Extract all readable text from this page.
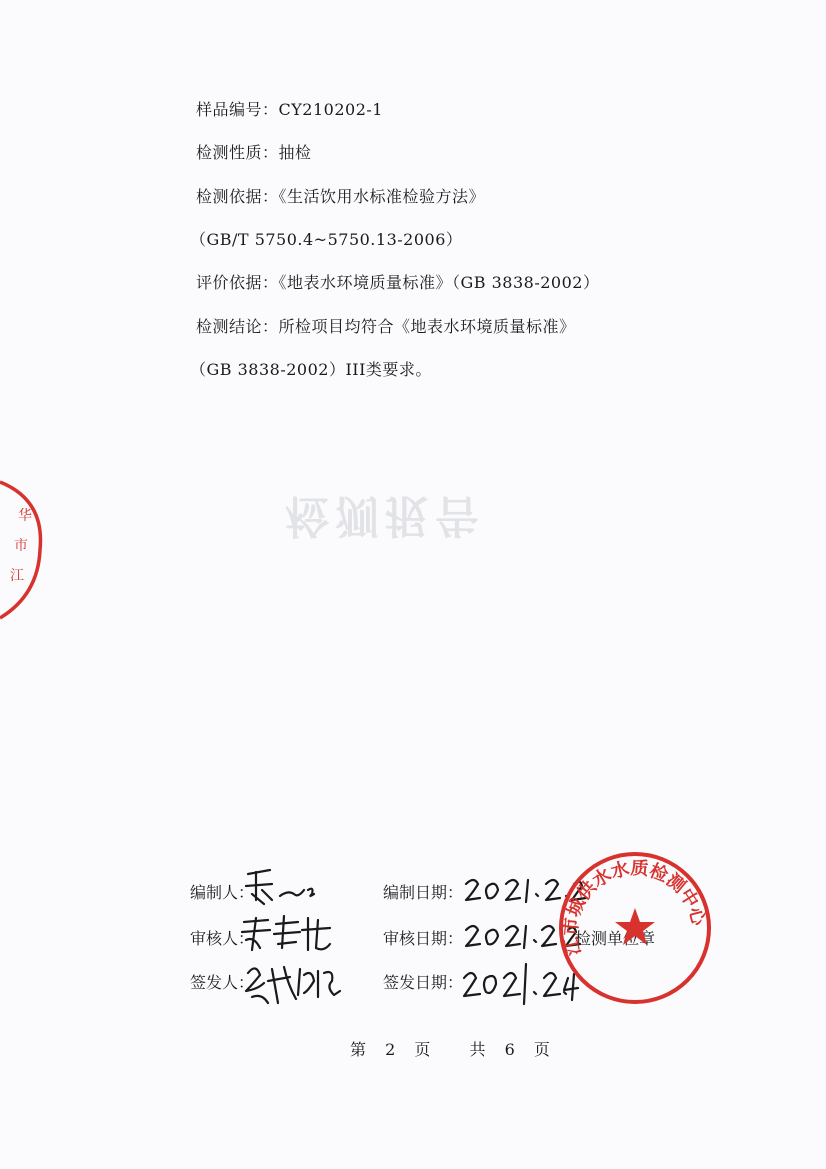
检测报告
华
市
江
样品编号：CY210202-1
检测性质：抽检
检测依据：《生活饮用水标准检验方法》
（GB/T 5750.4~5750.13-2006）
评价依据：《地表水环境质量标准》（GB 3838-2002）
检测结论：所检项目均符合《地表水环境质量标准》
（GB 3838-2002）III类要求。
编制人：	编制日期：
审核人：	审核日期：	检测单位章
签发人：	签发日期：
江市城供水水质检测中心
第 2 页 共 6 页
